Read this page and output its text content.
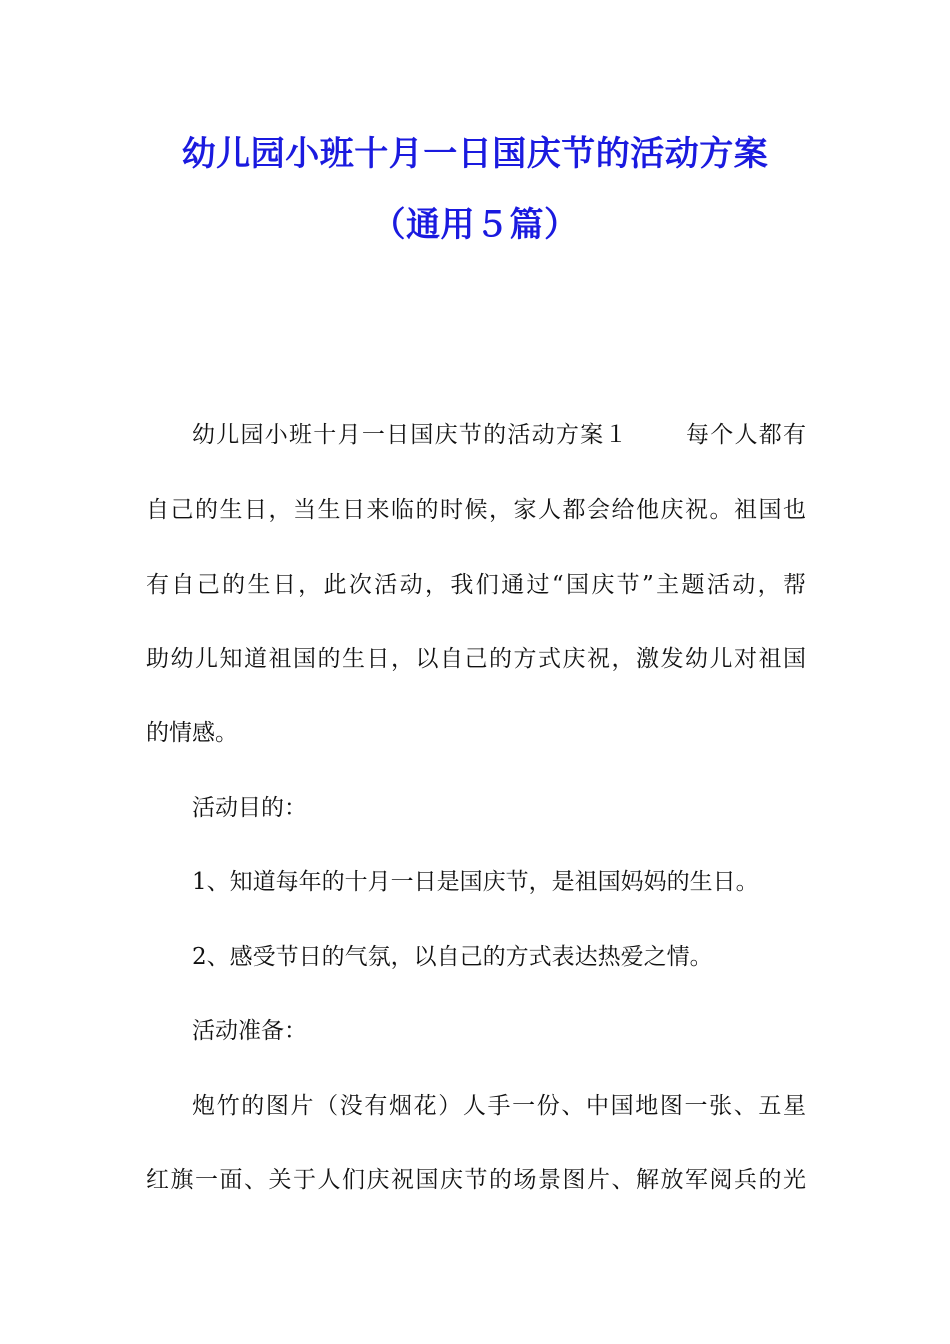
幼儿园小班十月一日国庆节的活动方案
（通用５篇）
幼儿园小班十月一日国庆节的活动方案１ 每个人都有
自己的生日，当生日来临的时候，家人都会给他庆祝。祖国也
有自己的生日，此次活动，我们通过“国庆节”主题活动，帮
助幼儿知道祖国的生日，以自己的方式庆祝，激发幼儿对祖国
的情感。
活动目的：
1、知道每年的十月一日是国庆节，是祖国妈妈的生日。
2、感受节日的气氛，以自己的方式表达热爱之情。
活动准备：
炮竹的图片（没有烟花）人手一份、中国地图一张、五星
红旗一面、关于人们庆祝国庆节的场景图片、解放军阅兵的光
